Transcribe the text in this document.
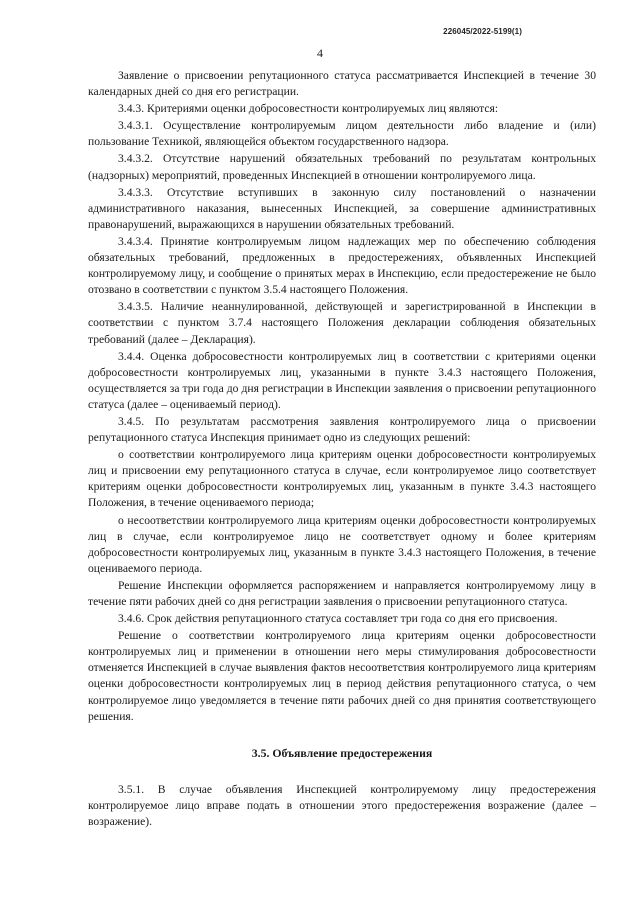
226045/2022-5199(1)
4

Заявление о присвоении репутационного статуса рассматривается Инспекцией в течение 30 календарных дней со дня его регистрации.

3.4.3. Критериями оценки добросовестности контролируемых лиц являются:

3.4.3.1. Осуществление контролируемым лицом деятельности либо владение и (или) пользование Техникой, являющейся объектом государственного надзора.

3.4.3.2. Отсутствие нарушений обязательных требований по результатам контрольных (надзорных) мероприятий, проведенных Инспекцией в отношении контролируемого лица.

3.4.3.3. Отсутствие вступивших в законную силу постановлений о назначении административного наказания, вынесенных Инспекцией, за совершение административных правонарушений, выражающихся в нарушении обязательных требований.

3.4.3.4. Принятие контролируемым лицом надлежащих мер по обеспечению соблюдения обязательных требований, предложенных в предостережениях, объявленных Инспекцией контролируемому лицу, и сообщение о принятых мерах в Инспекцию, если предостережение не было отозвано в соответствии с пунктом 3.5.4 настоящего Положения.

3.4.3.5. Наличие неаннулированной, действующей и зарегистрированной в Инспекции в соответствии с пунктом 3.7.4 настоящего Положения декларации соблюдения обязательных требований (далее – Декларация).

3.4.4. Оценка добросовестности контролируемых лиц в соответствии с критериями оценки добросовестности контролируемых лиц, указанными в пункте 3.4.3 настоящего Положения, осуществляется за три года до дня регистрации в Инспекции заявления о присвоении репутационного статуса (далее – оцениваемый период).

3.4.5. По результатам рассмотрения заявления контролируемого лица о присвоении репутационного статуса Инспекция принимает одно из следующих решений:

о соответствии контролируемого лица критериям оценки добросовестности контролируемых лиц и присвоении ему репутационного статуса в случае, если контролируемое лицо соответствует критериям оценки добросовестности контролируемых лиц, указанным в пункте 3.4.3 настоящего Положения, в течение оцениваемого периода;

о несоответствии контролируемого лица критериям оценки добросовестности контролируемых лиц в случае, если контролируемое лицо не соответствует одному и более критериям добросовестности контролируемых лиц, указанным в пункте 3.4.3 настоящего Положения, в течение оцениваемого периода.

Решение Инспекции оформляется распоряжением и направляется контролируемому лицу в течение пяти рабочих дней со дня регистрации заявления о присвоении репутационного статуса.

3.4.6. Срок действия репутационного статуса составляет три года со дня его присвоения.

Решение о соответствии контролируемого лица критериям оценки добросовестности контролируемых лиц и применении в отношении него меры стимулирования добросовестности отменяется Инспекцией в случае выявления фактов несоответствия контролируемого лица критериям оценки добросовестности контролируемых лиц в период действия репутационного статуса, о чем контролируемое лицо уведомляется в течение пяти рабочих дней со дня принятия соответствующего решения.

3.5. Объявление предостережения

3.5.1. В случае объявления Инспекцией контролируемому лицу предостережения контролируемое лицо вправе подать в отношении этого предостережения возражение (далее – возражение).
